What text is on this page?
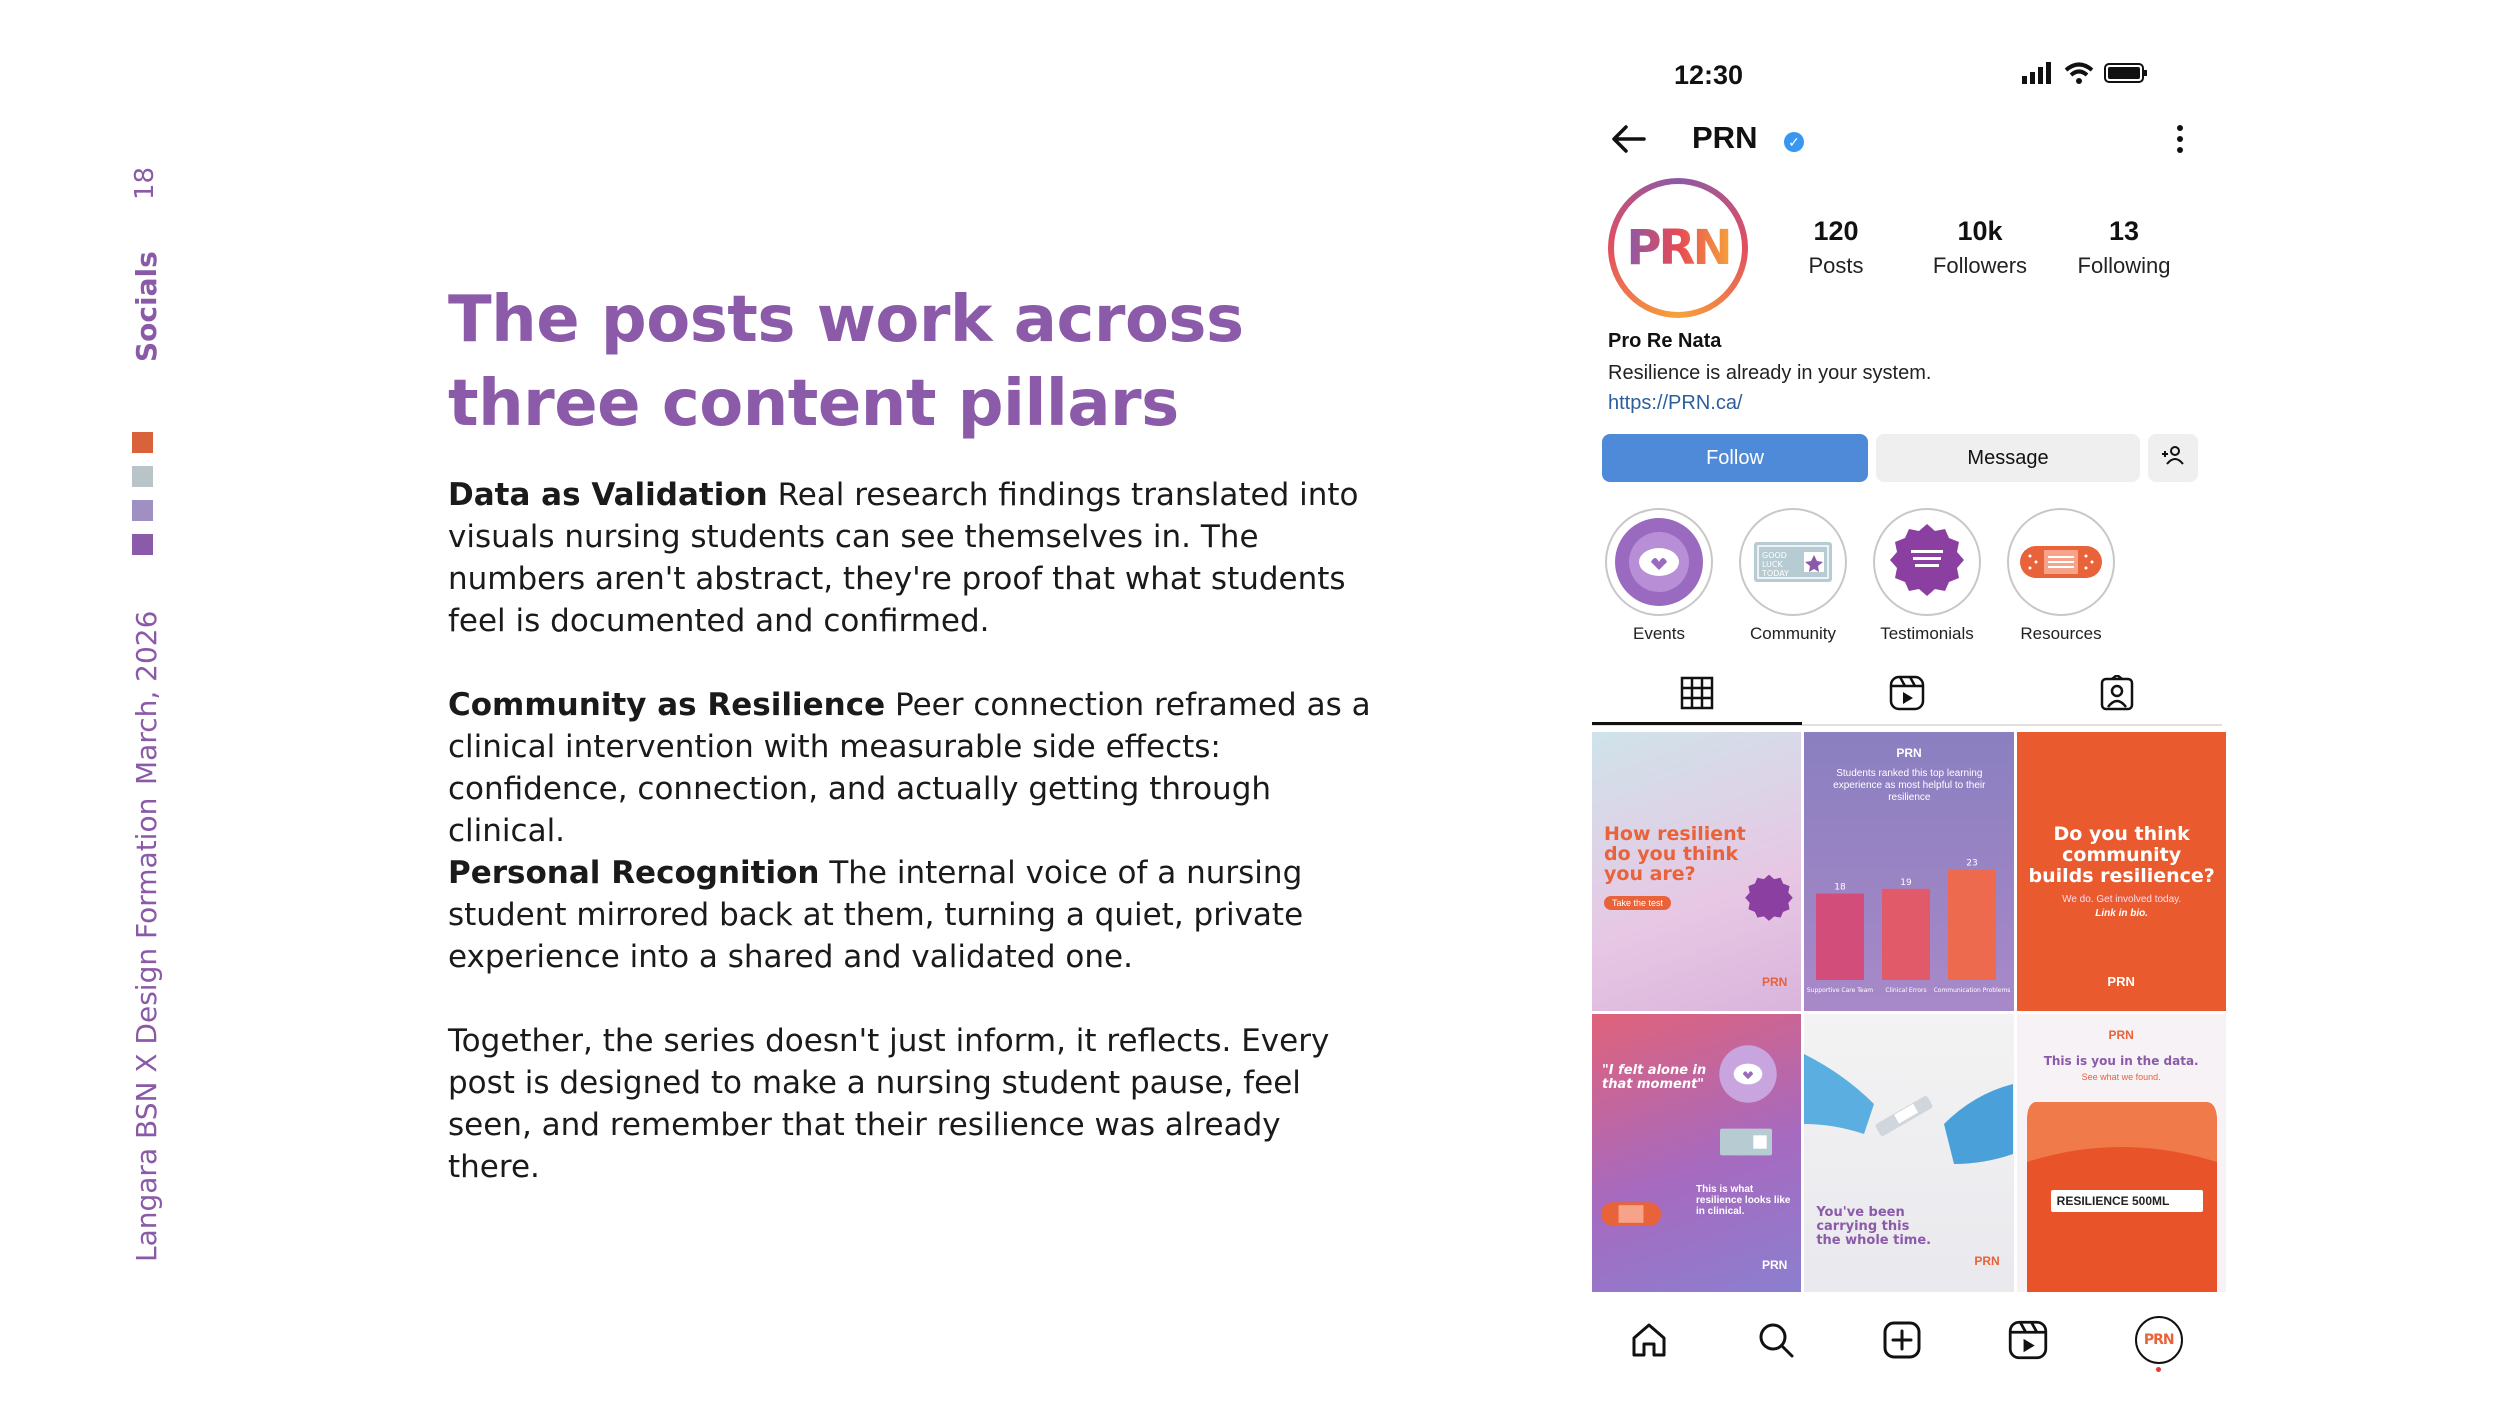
18
Socials
March, 2026
Langara BSN X Design Formation
The posts work across
three content pillars

Data as Validation Real research findings translated into visuals nursing students can see themselves in. The numbers aren't abstract, they're proof that what students feel is documented and confirmed.

Community as Resilience Peer connection reframed as a clinical intervention with measurable side effects: confidence, connection, and actually getting through clinical.

Personal Recognition The internal voice of a nursing student mirrored back at them, turning a quiet, private experience into a shared and validated one.

Together, the series doesn't just inform, it reflects. Every post is designed to make a nursing student pause, feel seen, and remember that their resilience was already there.

12:30
PRN ✓
PRN	120
Posts
10k
Followers
13
Following
Pro Re Nata
Resilience is already in your system.
https://PRN.ca/
Follow	Message
Events
GOOD
LUCK
TODAY
Community	Testimonials	Resources
How resilient do you think you are?
Take the test
PRN
PRN
Students ranked this top learning experience as most helpful to their resilience
18
Supportive Care Team
19
Clinical Errors
23
Communication Problems
Do you think community builds resilience?
We do. Get involved today.
Link in bio.
PRN
"I felt alone in that moment"
This is what resilience looks like in clinical.
PRN
You've been carrying this the whole time.
PRN
PRN
This is you in the data.
See what we found.
RESILIENCE 500ML
PRN
